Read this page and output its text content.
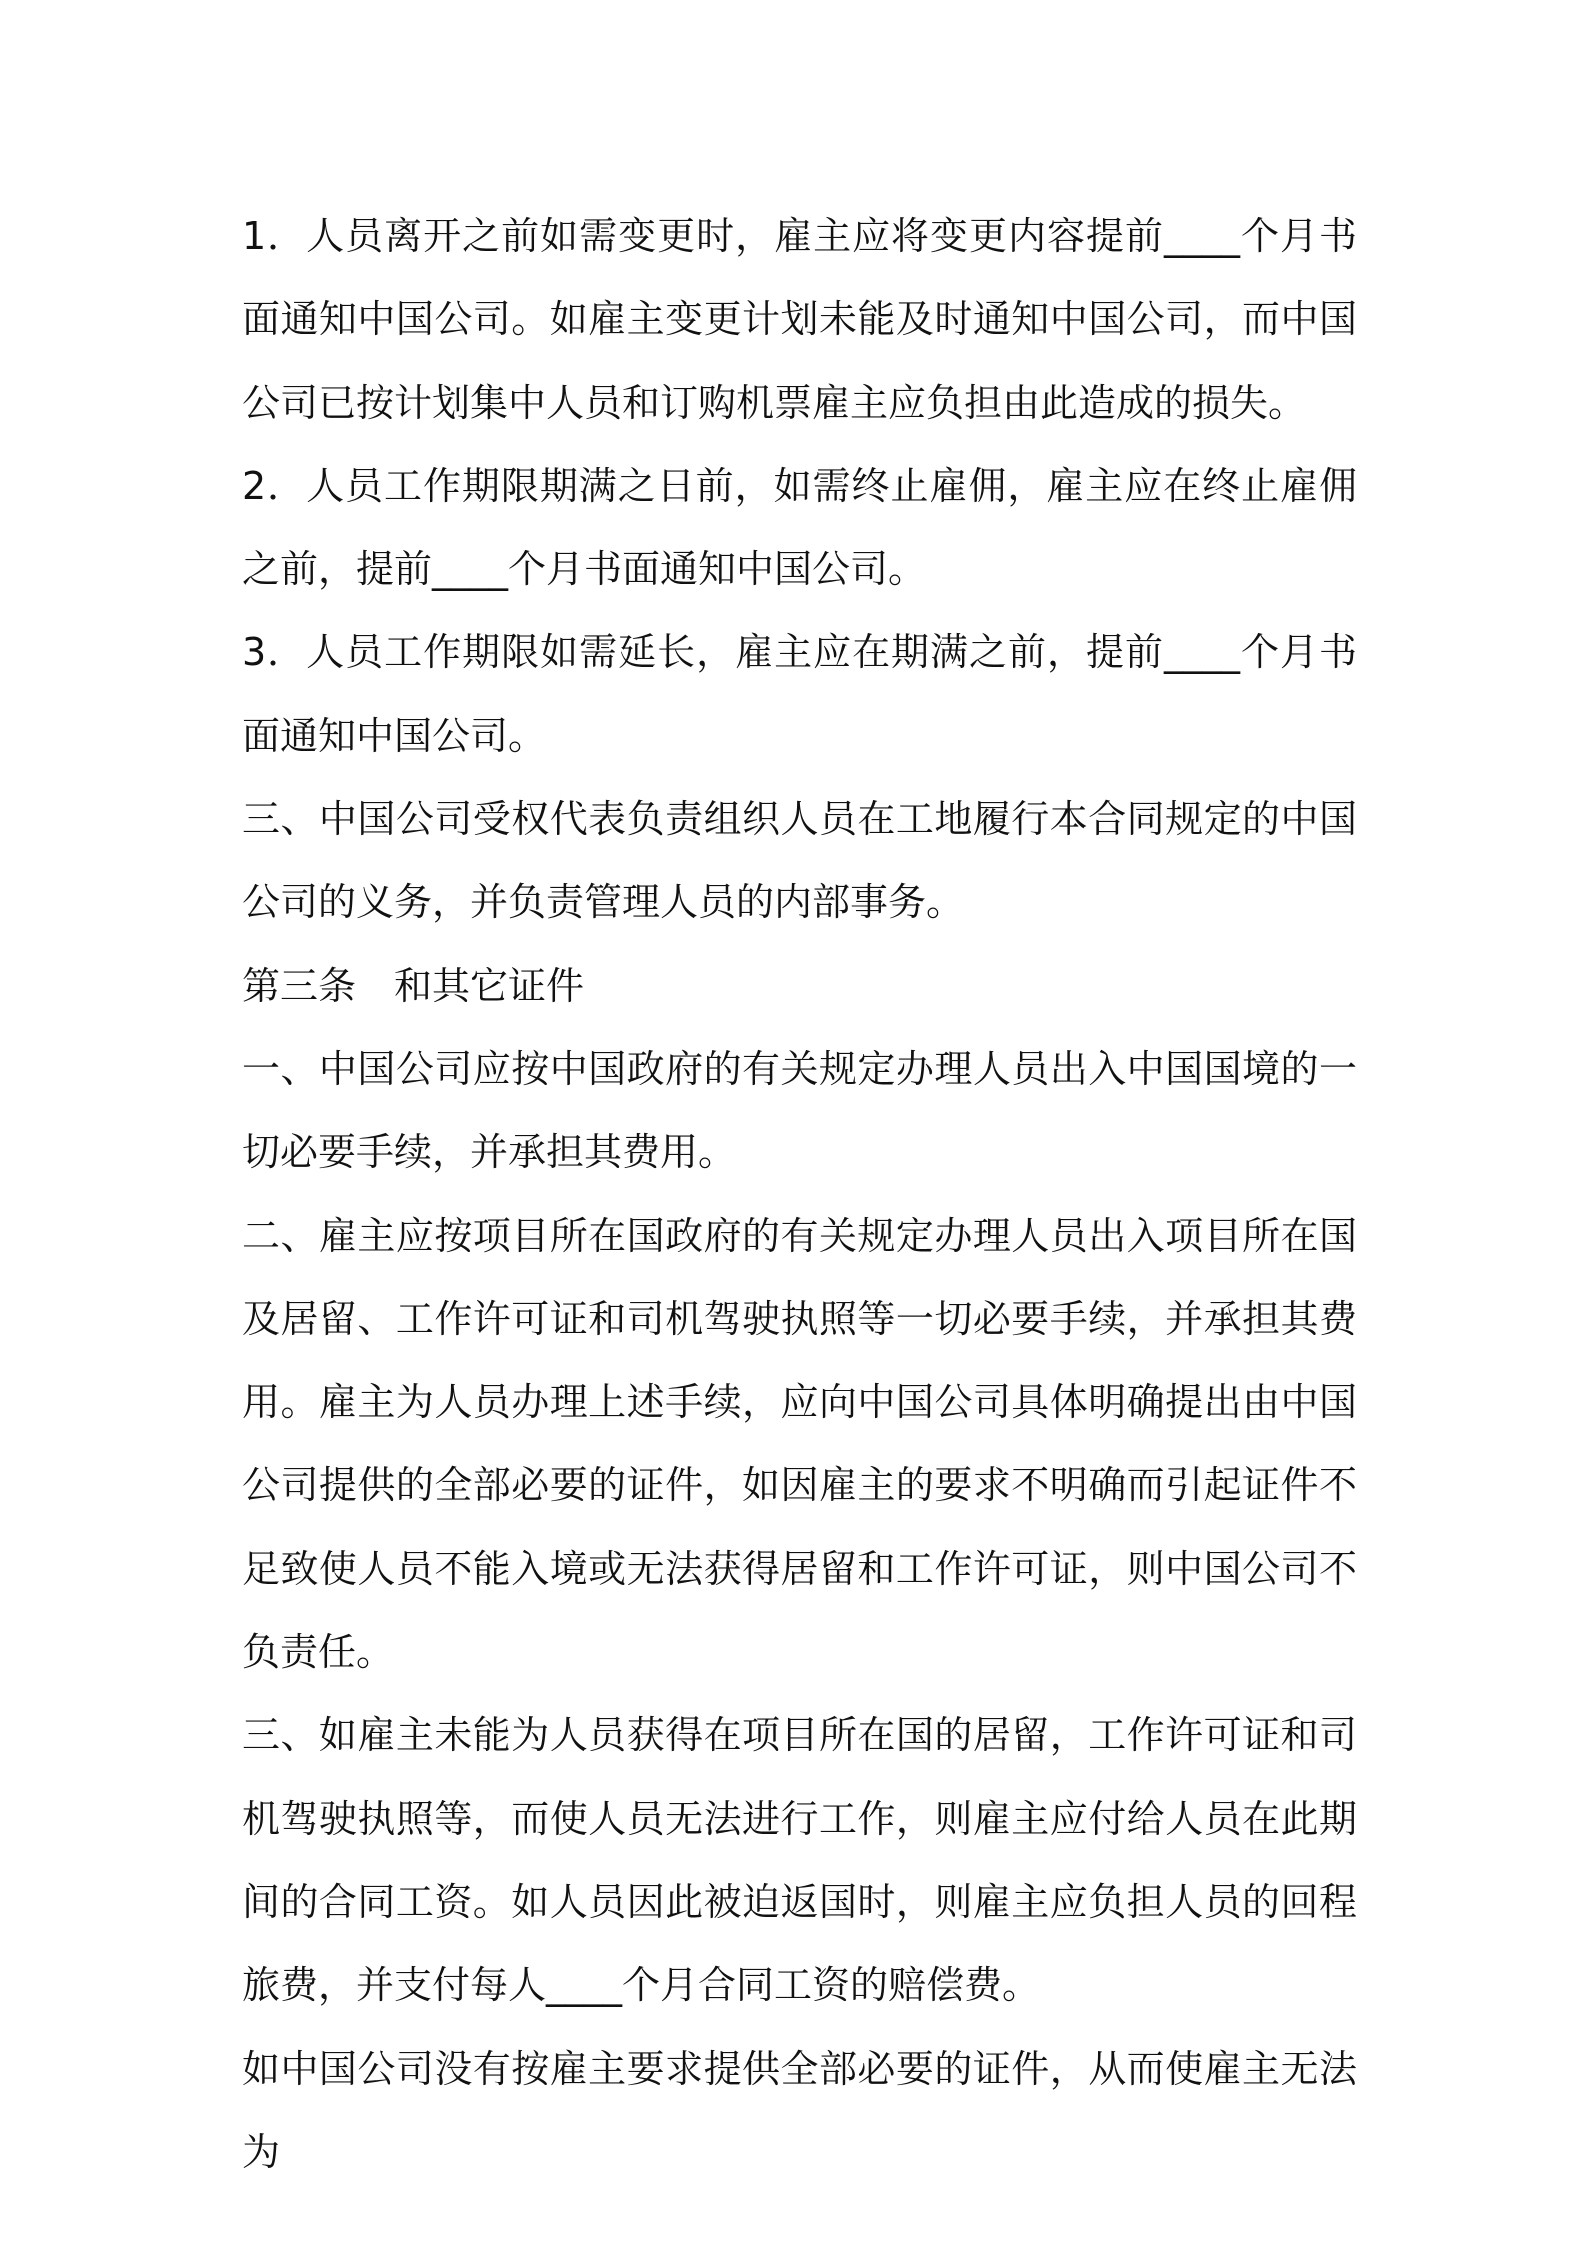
1．人员离开之前如需变更时，雇主应将变更内容提前____个月书面通知中国公司。如雇主变更计划未能及时通知中国公司，而中国公司已按计划集中人员和订购机票雇主应负担由此造成的损失。

2．人员工作期限期满之日前，如需终止雇佣，雇主应在终止雇佣之前，提前____个月书面通知中国公司。

3．人员工作期限如需延长，雇主应在期满之前，提前____个月书面通知中国公司。

三、中国公司受权代表负责组织人员在工地履行本合同规定的中国公司的义务，并负责管理人员的内部事务。

第三条　和其它证件

一、中国公司应按中国政府的有关规定办理人员出入中国国境的一切必要手续，并承担其费用。

二、雇主应按项目所在国政府的有关规定办理人员出入项目所在国及居留、工作许可证和司机驾驶执照等一切必要手续，并承担其费用。雇主为人员办理上述手续，应向中国公司具体明确提出由中国公司提供的全部必要的证件，如因雇主的要求不明确而引起证件不足致使人员不能入境或无法获得居留和工作许可证，则中国公司不负责任。

三、如雇主未能为人员获得在项目所在国的居留，工作许可证和司机驾驶执照等，而使人员无法进行工作，则雇主应付给人员在此期间的合同工资。如人员因此被迫返国时，则雇主应负担人员的回程旅费，并支付每人____个月合同工资的赔偿费。

如中国公司没有按雇主要求提供全部必要的证件，从而使雇主无法为
